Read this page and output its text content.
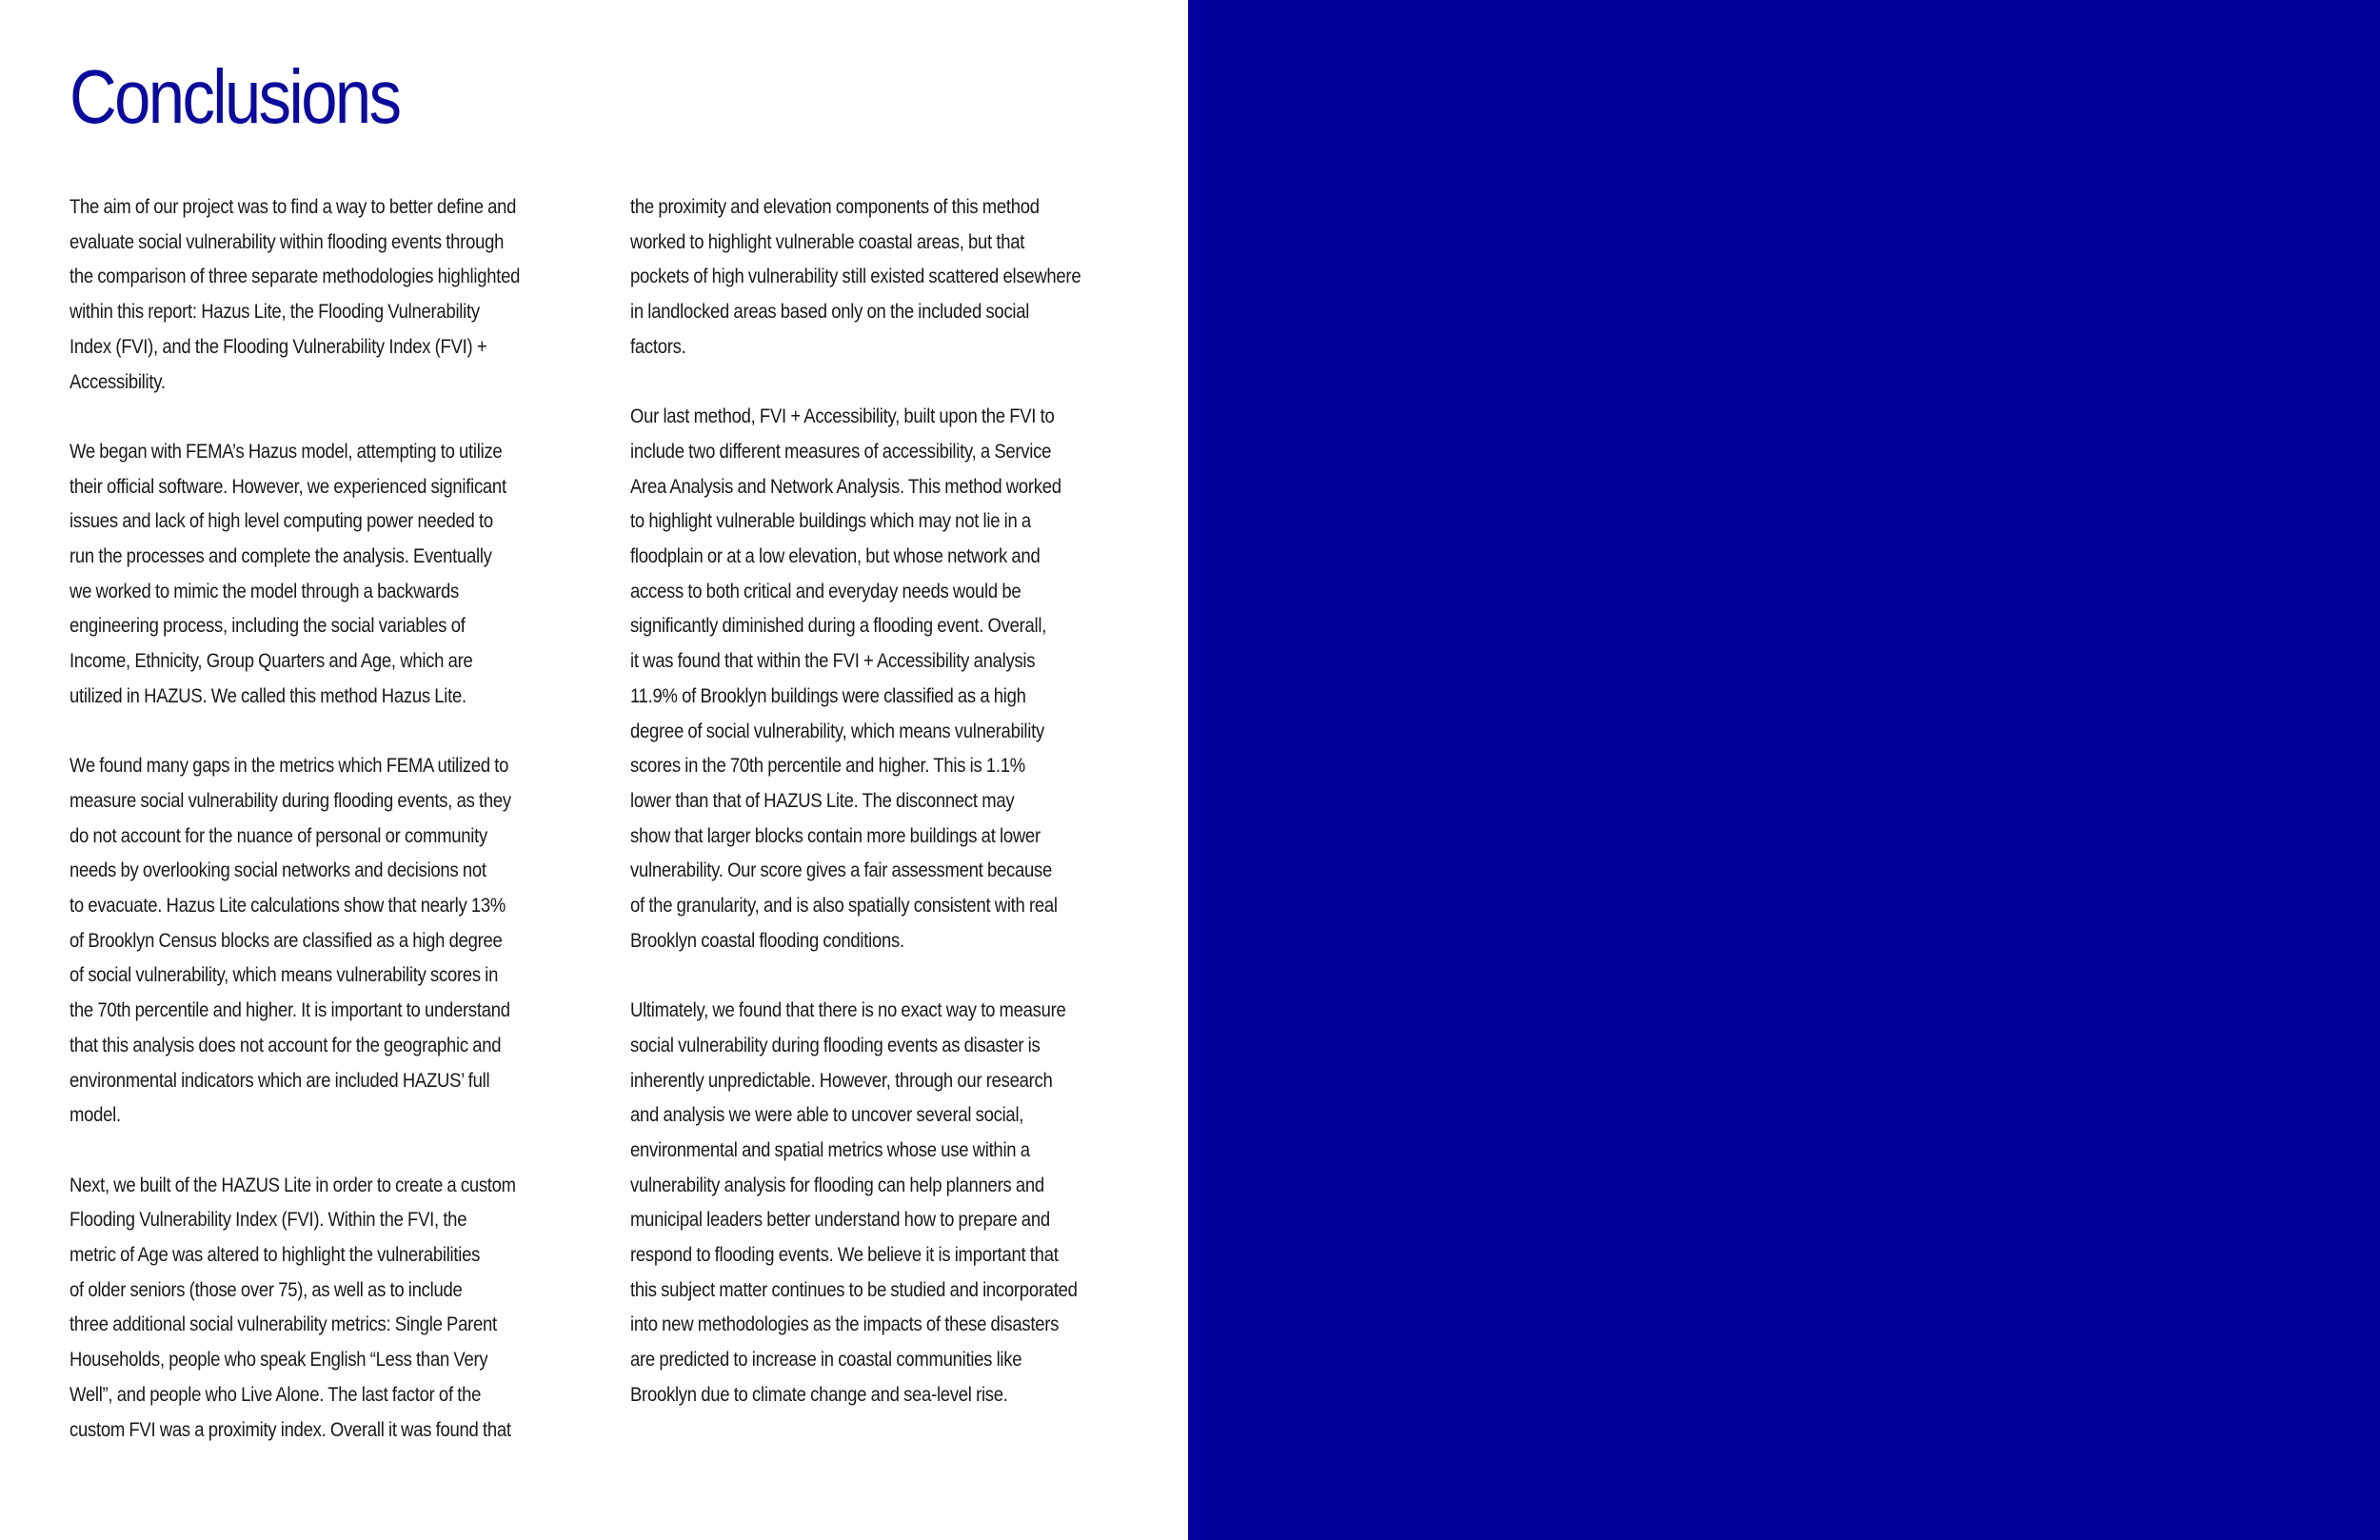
Conclusions

The aim of our project was to find a way to better define and
evaluate social vulnerability within flooding events through
the comparison of three separate methodologies highlighted
within this report: Hazus Lite, the Flooding Vulnerability
Index (FVI), and the Flooding Vulnerability Index (FVI) +
Accessibility.

We began with FEMA’s Hazus model, attempting to utilize
their official software. However, we experienced significant
issues and lack of high level computing power needed to
run the processes and complete the analysis. Eventually
we worked to mimic the model through a backwards
engineering process, including the social variables of
Income, Ethnicity, Group Quarters and Age, which are
utilized in HAZUS. We called this method Hazus Lite.

We found many gaps in the metrics which FEMA utilized to
measure social vulnerability during flooding events, as they
do not account for the nuance of personal or community
needs by overlooking social networks and decisions not
to evacuate. Hazus Lite calculations show that nearly 13%
of Brooklyn Census blocks are classified as a high degree
of social vulnerability, which means vulnerability scores in
the 70th percentile and higher. It is important to understand
that this analysis does not account for the geographic and
environmental indicators which are included HAZUS’ full
model.

Next, we built of the HAZUS Lite in order to create a custom
Flooding Vulnerability Index (FVI). Within the FVI, the
metric of Age was altered to highlight the vulnerabilities
of older seniors (those over 75), as well as to include
three additional social vulnerability metrics: Single Parent
Households, people who speak English “Less than Very
Well”, and people who Live Alone. The last factor of the
custom FVI was a proximity index. Overall it was found that

the proximity and elevation components of this method
worked to highlight vulnerable coastal areas, but that
pockets of high vulnerability still existed scattered elsewhere
in landlocked areas based only on the included social
factors.

Our last method, FVI + Accessibility, built upon the FVI to
include two different measures of accessibility, a Service
Area Analysis and Network Analysis. This method worked
to highlight vulnerable buildings which may not lie in a
floodplain or at a low elevation, but whose network and
access to both critical and everyday needs would be
significantly diminished during a flooding event. Overall,
it was found that within the FVI + Accessibility analysis
11.9% of Brooklyn buildings were classified as a high
degree of social vulnerability, which means vulnerability
scores in the 70th percentile and higher. This is 1.1%
lower than that of HAZUS Lite. The disconnect may
show that larger blocks contain more buildings at lower
vulnerability. Our score gives a fair assessment because
of the granularity, and is also spatially consistent with real
Brooklyn coastal flooding conditions.

Ultimately, we found that there is no exact way to measure
social vulnerability during flooding events as disaster is
inherently unpredictable. However, through our research
and analysis we were able to uncover several social,
environmental and spatial metrics whose use within a
vulnerability analysis for flooding can help planners and
municipal leaders better understand how to prepare and
respond to flooding events. We believe it is important that
this subject matter continues to be studied and incorporated
into new methodologies as the impacts of these disasters
are predicted to increase in coastal communities like
Brooklyn due to climate change and sea-level rise.
